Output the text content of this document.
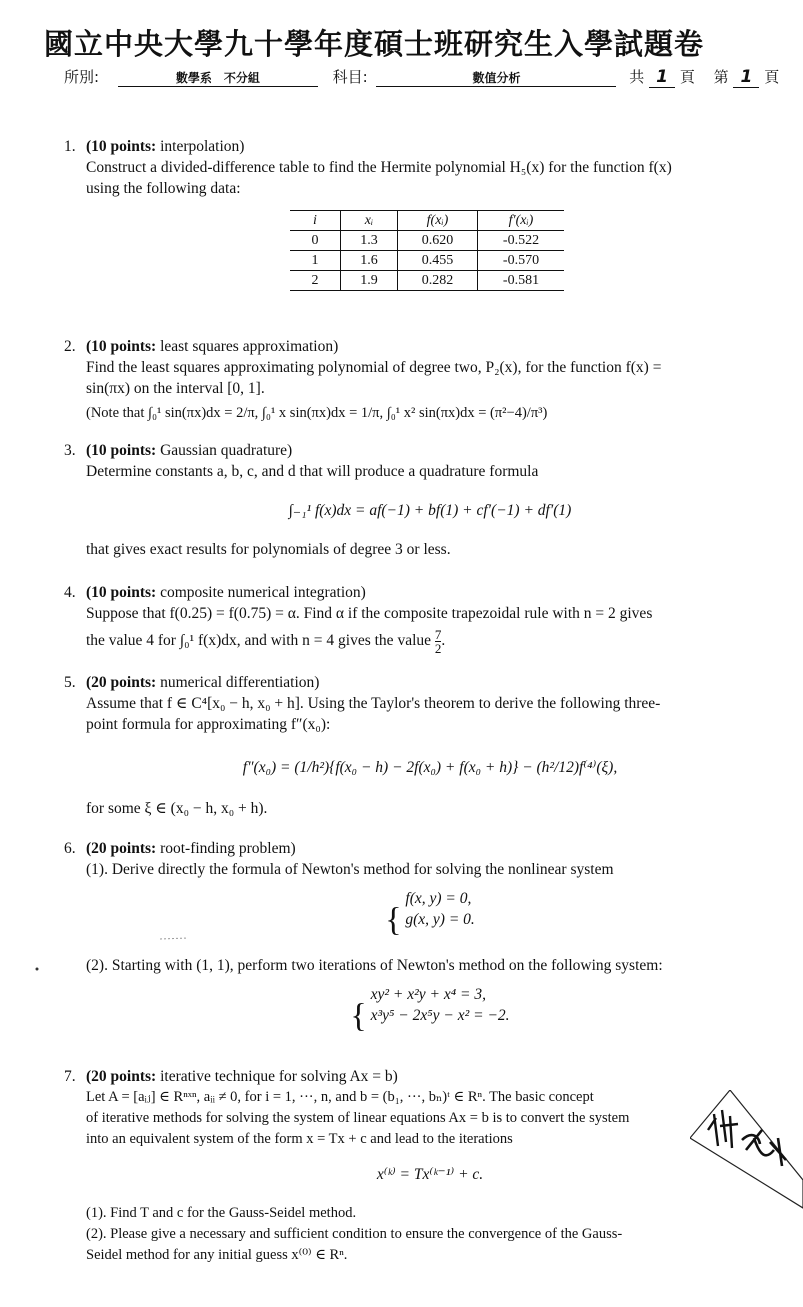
國立中央大學九十學年度碩士班研究生入學試題卷
所別:	數學系　不分組	科目:	數值分析	共 1 頁 第 1 頁
1. (10 points: interpolation)
Construct a divided-difference table to find the Hermite polynomial H₅(x) for the function f(x)
using the following data:
i	xᵢ	f(xᵢ)	f′(xᵢ)
0	1.3	0.620	-0.522
1	1.6	0.455	-0.570
2	1.9	0.282	-0.581
2. (10 points: least squares approximation)
Find the least squares approximating polynomial of degree two, P₂(x), for the function f(x) =
sin(πx) on the interval [0, 1].
(Note that ∫₀¹ sin(πx)dx = 2/π, ∫₀¹ x sin(πx)dx = 1/π, ∫₀¹ x² sin(πx)dx = (π²−4)/π³)
3. (10 points: Gaussian quadrature)
Determine constants a, b, c, and d that will produce a quadrature formula
∫₋₁¹ f(x)dx = af(−1) + bf(1) + cf′(−1) + df′(1)
that gives exact results for polynomials of degree 3 or less.
4. (10 points: composite numerical integration)
Suppose that f(0.25) = f(0.75) = α. Find α if the composite trapezoidal rule with n = 2 gives
the value 4 for ∫₀¹ f(x)dx, and with n = 4 gives the value $\frac{7}{2}$ .
5. (20 points: numerical differentiation)
Assume that f ∈ C⁴[x₀ − h, x₀ + h]. Using the Taylor's theorem to derive the following three-
point formula for approximating f″(x₀):
f″(x₀) = (1/h²){f(x₀ − h) − 2f(x₀) + f(x₀ + h)} − (h²/12)f⁽⁴⁾(ξ),
for some ξ ∈ (x₀ − h, x₀ + h).
6. (20 points: root-finding problem)
(1). Derive directly the formula of Newton's method for solving the nonlinear system
{
f(x, y) = 0,
g(x, y) = 0.
(2). Starting with (1, 1), perform two iterations of Newton's method on the following system:
{
xy² + x²y + x⁴ = 3,
x³y⁵ − 2x⁵y − x² = −2.
7. (20 points: iterative technique for solving Ax = b)
Let A = [aᵢⱼ] ∈ Rⁿˣⁿ, aᵢᵢ ≠ 0, for i = 1, ···, n, and b = (b₁, ···, bₙ)ᵗ ∈ Rⁿ. The basic concept
of iterative methods for solving the system of linear equations Ax = b is to convert the system
into an equivalent system of the form x = Tx + c and lead to the iterations
x⁽ᵏ⁾ = Tx⁽ᵏ⁻¹⁾ + c.
(1). Find T and c for the Gauss-Seidel method.
(2). Please give a necessary and sufficient condition to ensure the convergence of the Gauss-
Seidel method for any initial guess x⁽⁰⁾ ∈ Rⁿ.
